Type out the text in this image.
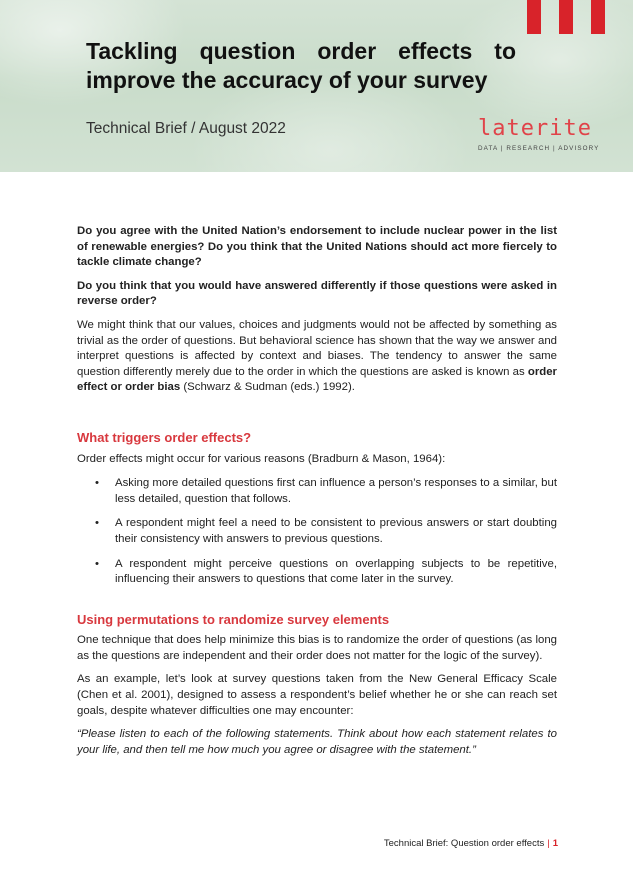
Tackling question order effects to improve the accuracy of your survey
Technical Brief / August 2022	laterite
DATA | RESEARCH | ADVISORY

Do you agree with the United Nation’s endorsement to include nuclear power in the list of renewable energies? Do you think that the United Nations should act more fiercely to tackle climate change?

Do you think that you would have answered differently if those questions were asked in reverse order?

We might think that our values, choices and judgments would not be affected by something as trivial as the order of questions. But behavioral science has shown that the way we answer and interpret questions is affected by context and biases. The tendency to answer the same question differently merely due to the order in which the questions are asked is known as order effect or order bias (Schwarz & Sudman (eds.) 1992).

What triggers order effects?

Order effects might occur for various reasons (Bradburn & Mason, 1964):

• Asking more detailed questions first can influence a person’s responses to a similar, but less detailed, question that follows.
• A respondent might feel a need to be consistent to previous answers or start doubting their consistency with answers to previous questions.
• A respondent might perceive questions on overlapping subjects to be repetitive, influencing their answers to questions that come later in the survey.
Using permutations to randomize survey elements

One technique that does help minimize this bias is to randomize the order of questions (as long as the questions are independent and their order does not matter for the logic of the survey).

As an example, let’s look at survey questions taken from the New General Efficacy Scale (Chen et al. 2001), designed to assess a respondent’s belief whether he or she can reach set goals, despite whatever difficulties one may encounter:

“Please listen to each of the following statements. Think about how each statement relates to your life, and then tell me how much you agree or disagree with the statement.”

Technical Brief: Question order effects | 1
